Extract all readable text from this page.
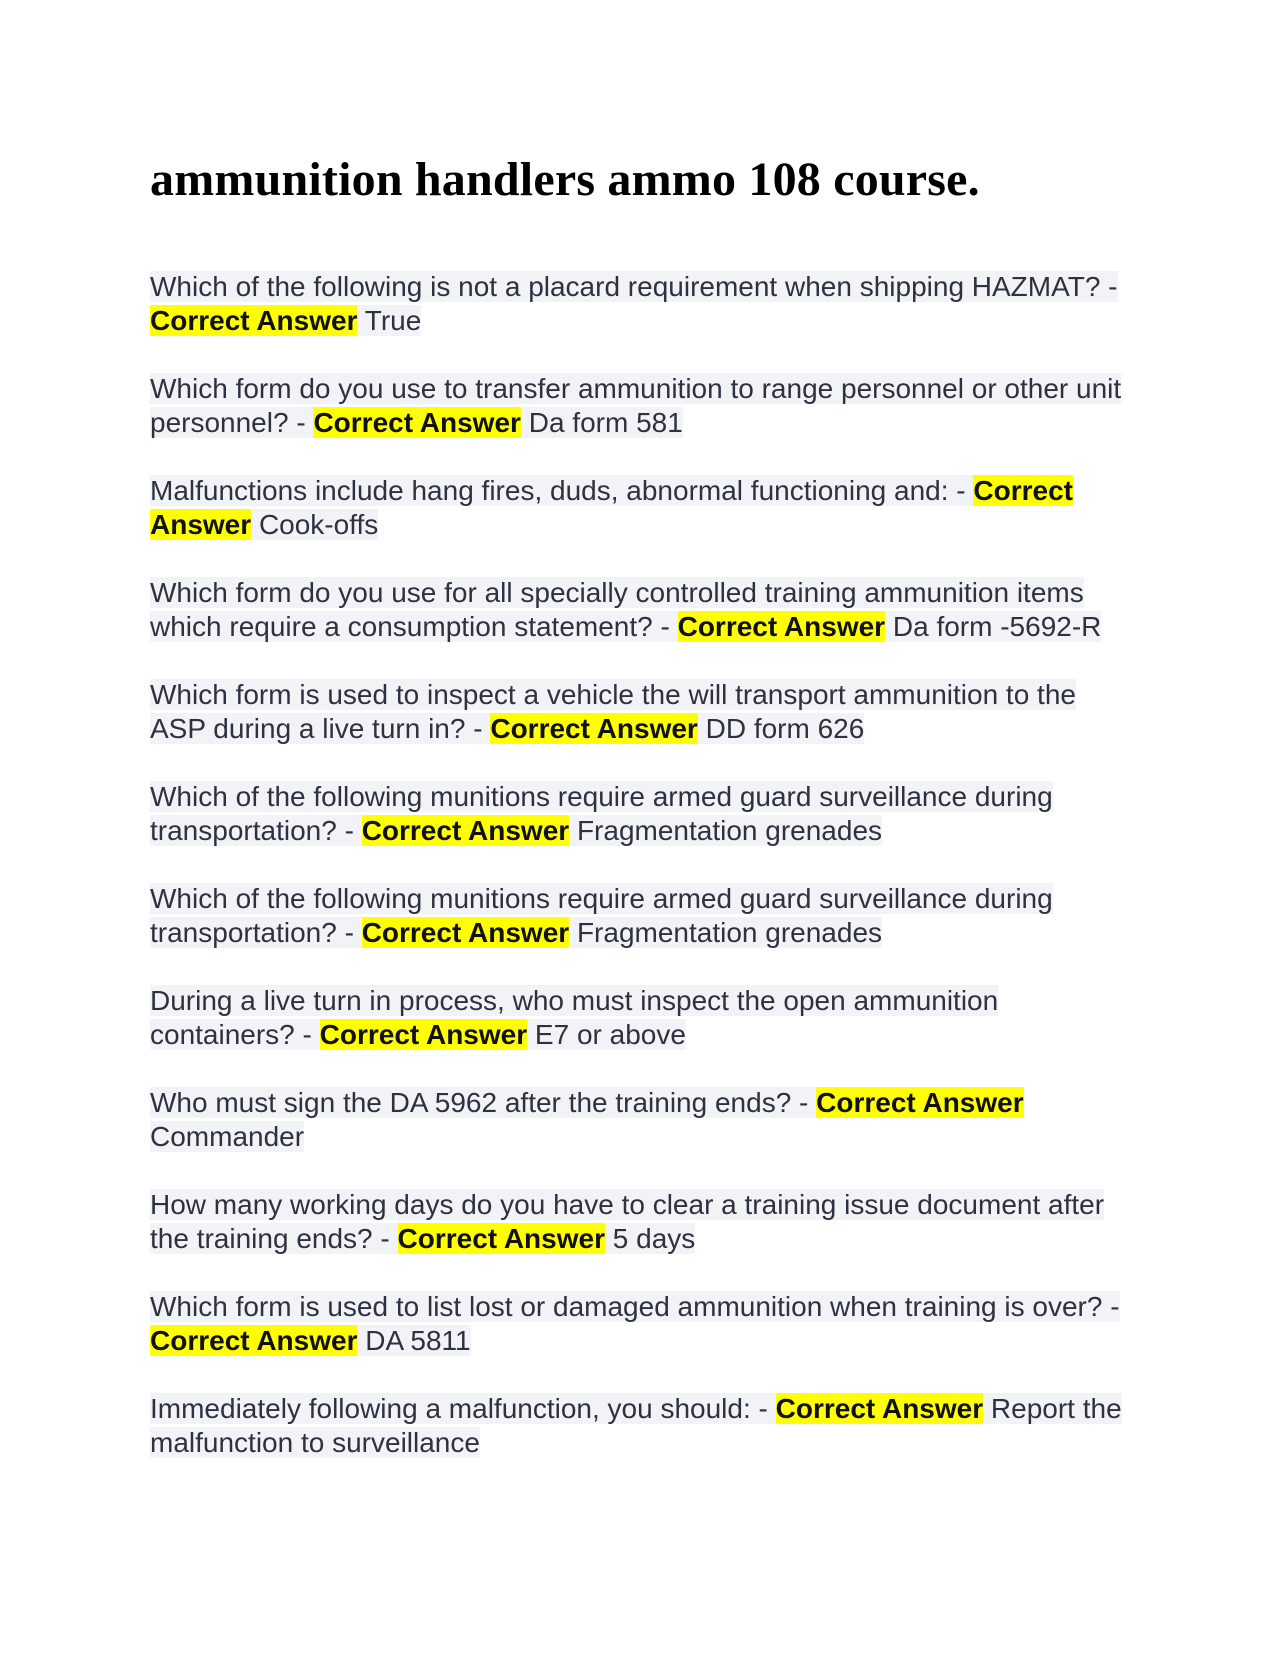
ammunition handlers ammo 108 course.

Which of the following is not a placard requirement when shipping HAZMAT? - Correct Answer True

Which form do you use to transfer ammunition to range personnel or other unit personnel? - Correct Answer Da form 581

Malfunctions include hang fires, duds, abnormal functioning and: - Correct Answer Cook-offs

Which form do you use for all specially controlled training ammunition items which require a consumption statement? - Correct Answer Da form -5692-R

Which form is used to inspect a vehicle the will transport ammunition to the ASP during a live turn in? - Correct Answer DD form 626

Which of the following munitions require armed guard surveillance during transportation? - Correct Answer Fragmentation grenades

Which of the following munitions require armed guard surveillance during transportation? - Correct Answer Fragmentation grenades

During a live turn in process, who must inspect the open ammunition containers? - Correct Answer E7 or above

Who must sign the DA 5962 after the training ends? - Correct Answer Commander

How many working days do you have to clear a training issue document after the training ends? - Correct Answer 5 days

Which form is used to list lost or damaged ammunition when training is over? - Correct Answer DA 5811

Immediately following a malfunction, you should: - Correct Answer Report the malfunction to surveillance
